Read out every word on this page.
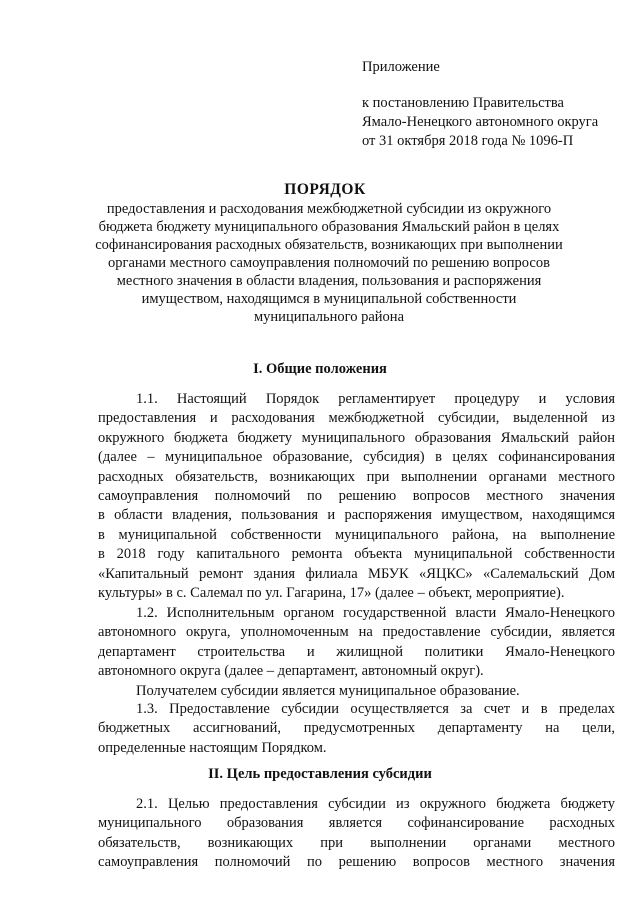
Приложение
к постановлению Правительства
Ямало-Ненецкого автономного округа
от 31 октября 2018 года № 1096-П
ПОРЯДОК
предоставления и расходования межбюджетной субсидии из окружного
бюджета бюджету муниципального образования Ямальский район в целях
софинансирования расходных обязательств, возникающих при выполнении
органами местного самоуправления полномочий по решению вопросов
местного значения в области владения, пользования и распоряжения
имуществом, находящимся в муниципальной собственности
муниципального района
I. Общие положения
1.1. Настоящий Порядок регламентирует процедуру и условия
предоставления и расходования межбюджетной субсидии, выделенной из
окружного бюджета бюджету муниципального образования Ямальский район
(далее – муниципальное образование, субсидия) в целях софинансирования
расходных обязательств, возникающих при выполнении органами местного
самоуправления полномочий по решению вопросов местного значения
в области владения, пользования и распоряжения имуществом, находящимся
в муниципальной собственности муниципального района, на выполнение
в 2018 году капитального ремонта объекта муниципальной собственности
«Капитальный ремонт здания филиала МБУК «ЯЦКС» «Салемальский Дом
культуры» в с. Салемал по ул. Гагарина, 17» (далее – объект, мероприятие).
1.2. Исполнительным органом государственной власти Ямало-Ненецкого
автономного округа, уполномоченным на предоставление субсидии, является
департамент строительства и жилищной политики Ямало-Ненецкого
автономного округа (далее – департамент, автономный округ).
Получателем субсидии является муниципальное образование.
1.3. Предоставление субсидии осуществляется за счет и в пределах
бюджетных ассигнований, предусмотренных департаменту на цели,
определенные настоящим Порядком.
II. Цель предоставления субсидии
2.1. Целью предоставления субсидии из окружного бюджета бюджету
муниципального образования является софинансирование расходных
обязательств, возникающих при выполнении органами местного
самоуправления полномочий по решению вопросов местного значения
